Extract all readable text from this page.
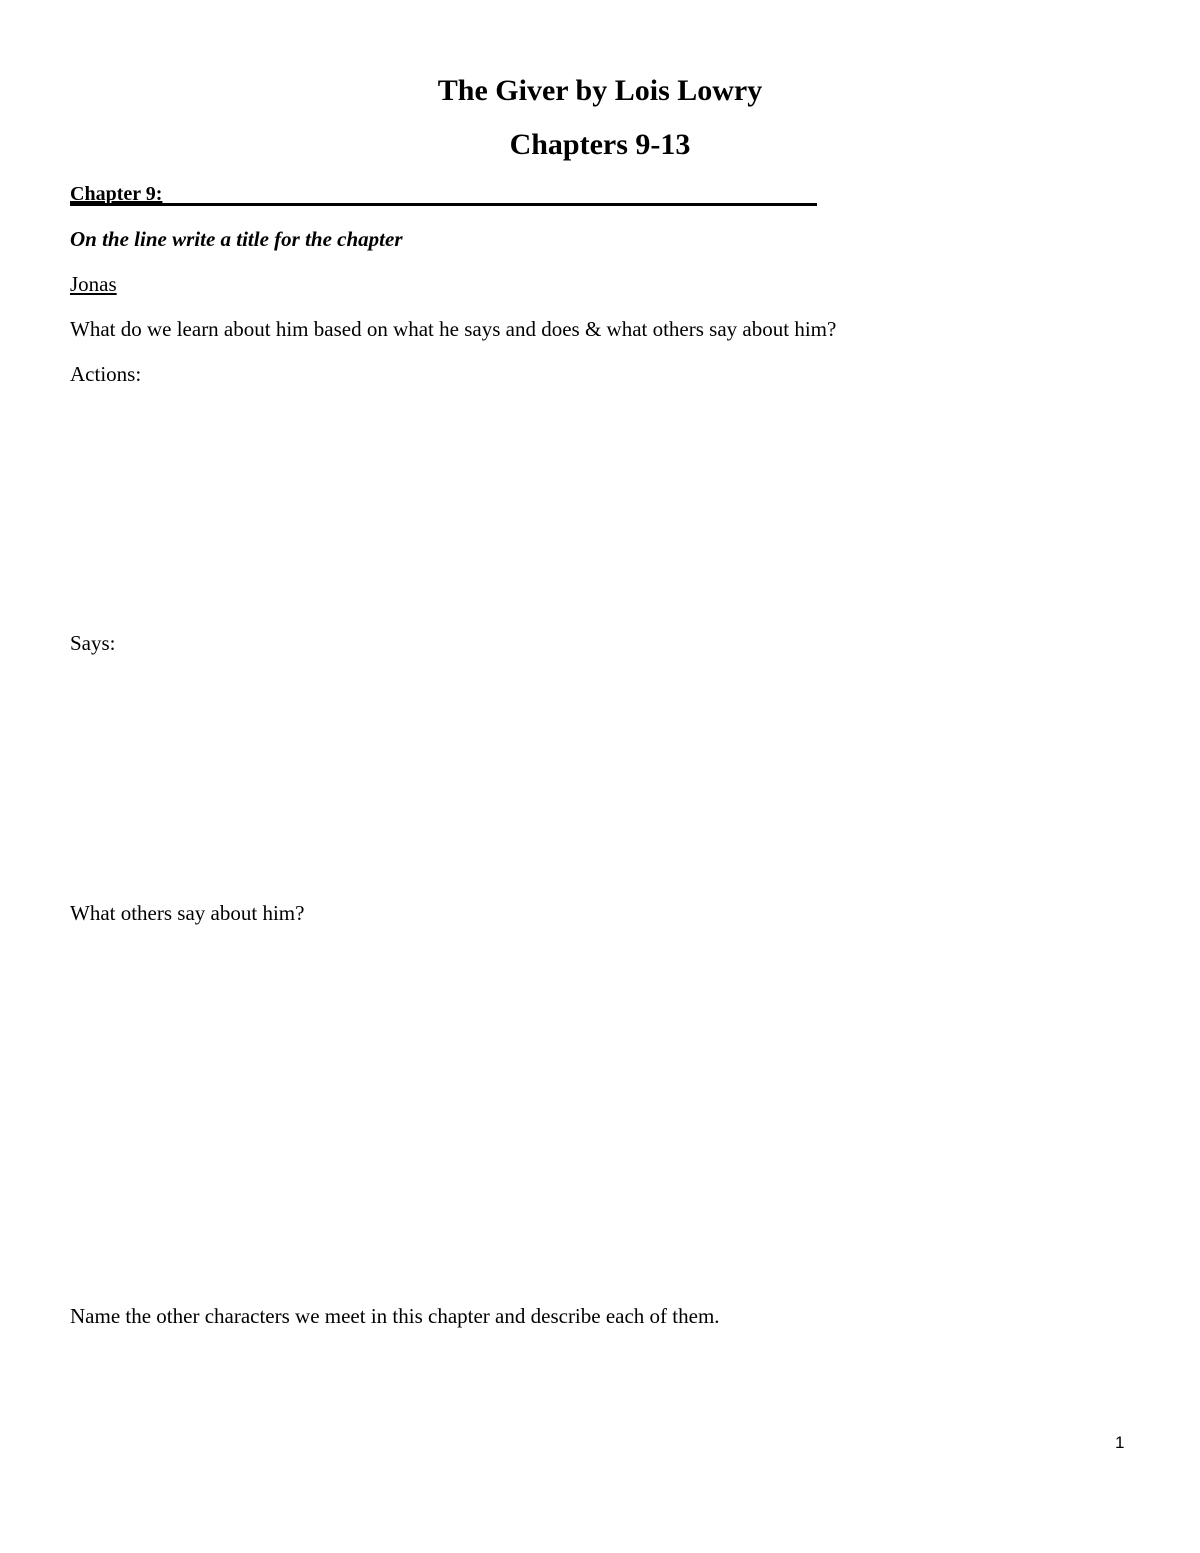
The Giver by Lois Lowry
Chapters 9-13
Chapter 9:
On the line write a title for the chapter
Jonas
What do we learn about him based on what he says and does & what others say about him?
Actions:
Says:
What others say about him?
Name the other characters we meet in this chapter and describe each of them.
1
